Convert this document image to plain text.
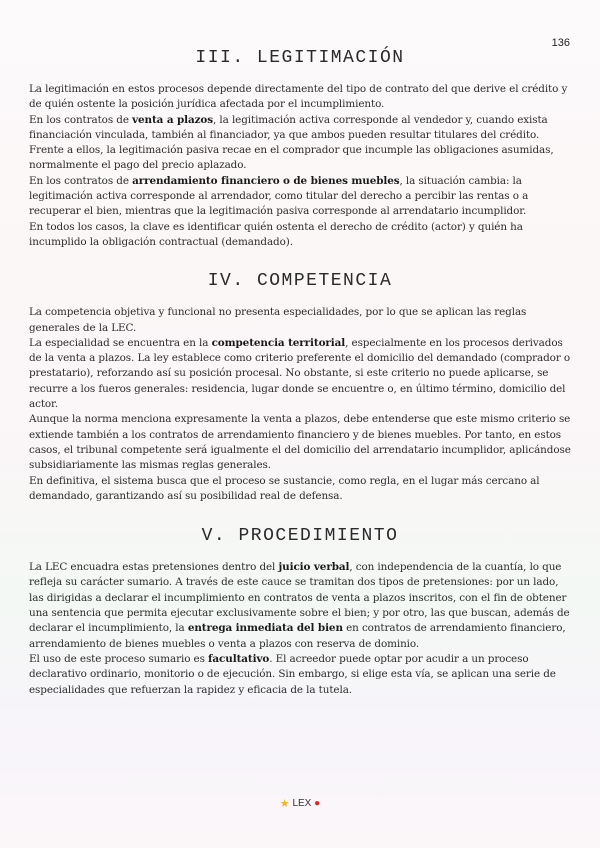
136
III. LEGITIMACIÓN

La legitimación en estos procesos depende directamente del tipo de contrato del que derive el crédito y de quién ostente la posición jurídica afectada por el incumplimiento.

En los contratos de venta a plazos, la legitimación activa corresponde al vendedor y, cuando exista financiación vinculada, también al financiador, ya que ambos pueden resultar titulares del crédito. Frente a ellos, la legitimación pasiva recae en el comprador que incumple las obligaciones asumidas, normalmente el pago del precio aplazado.

En los contratos de arrendamiento financiero o de bienes muebles, la situación cambia: la legitimación activa corresponde al arrendador, como titular del derecho a percibir las rentas o a recuperar el bien, mientras que la legitimación pasiva corresponde al arrendatario incumplidor.

En todos los casos, la clave es identificar quién ostenta el derecho de crédito (actor) y quién ha incumplido la obligación contractual (demandado).

IV. COMPETENCIA

La competencia objetiva y funcional no presenta especialidades, por lo que se aplican las reglas generales de la LEC.

La especialidad se encuentra en la competencia territorial, especialmente en los procesos derivados de la venta a plazos. La ley establece como criterio preferente el domicilio del demandado (comprador o prestatario), reforzando así su posición procesal. No obstante, si este criterio no puede aplicarse, se recurre a los fueros generales: residencia, lugar donde se encuentre o, en último término, domicilio del actor.

Aunque la norma menciona expresamente la venta a plazos, debe entenderse que este mismo criterio se extiende también a los contratos de arrendamiento financiero y de bienes muebles. Por tanto, en estos casos, el tribunal competente será igualmente el del domicilio del arrendatario incumplidor, aplicándose subsidiariamente las mismas reglas generales.

En definitiva, el sistema busca que el proceso se sustancie, como regla, en el lugar más cercano al demandado, garantizando así su posibilidad real de defensa.

V. PROCEDIMIENTO

La LEC encuadra estas pretensiones dentro del juicio verbal, con independencia de la cuantía, lo que refleja su carácter sumario. A través de este cauce se tramitan dos tipos de pretensiones: por un lado, las dirigidas a declarar el incumplimiento en contratos de venta a plazos inscritos, con el fin de obtener una sentencia que permita ejecutar exclusivamente sobre el bien; y por otro, las que buscan, además de declarar el incumplimiento, la entrega inmediata del bien en contratos de arrendamiento financiero, arrendamiento de bienes muebles o venta a plazos con reserva de dominio.

El uso de este proceso sumario es facultativo. El acreedor puede optar por acudir a un proceso declarativo ordinario, monitorio o de ejecución. Sin embargo, si elige esta vía, se aplican una serie de especialidades que refuerzan la rapidez y eficacia de la tutela.

★ LEX ●
